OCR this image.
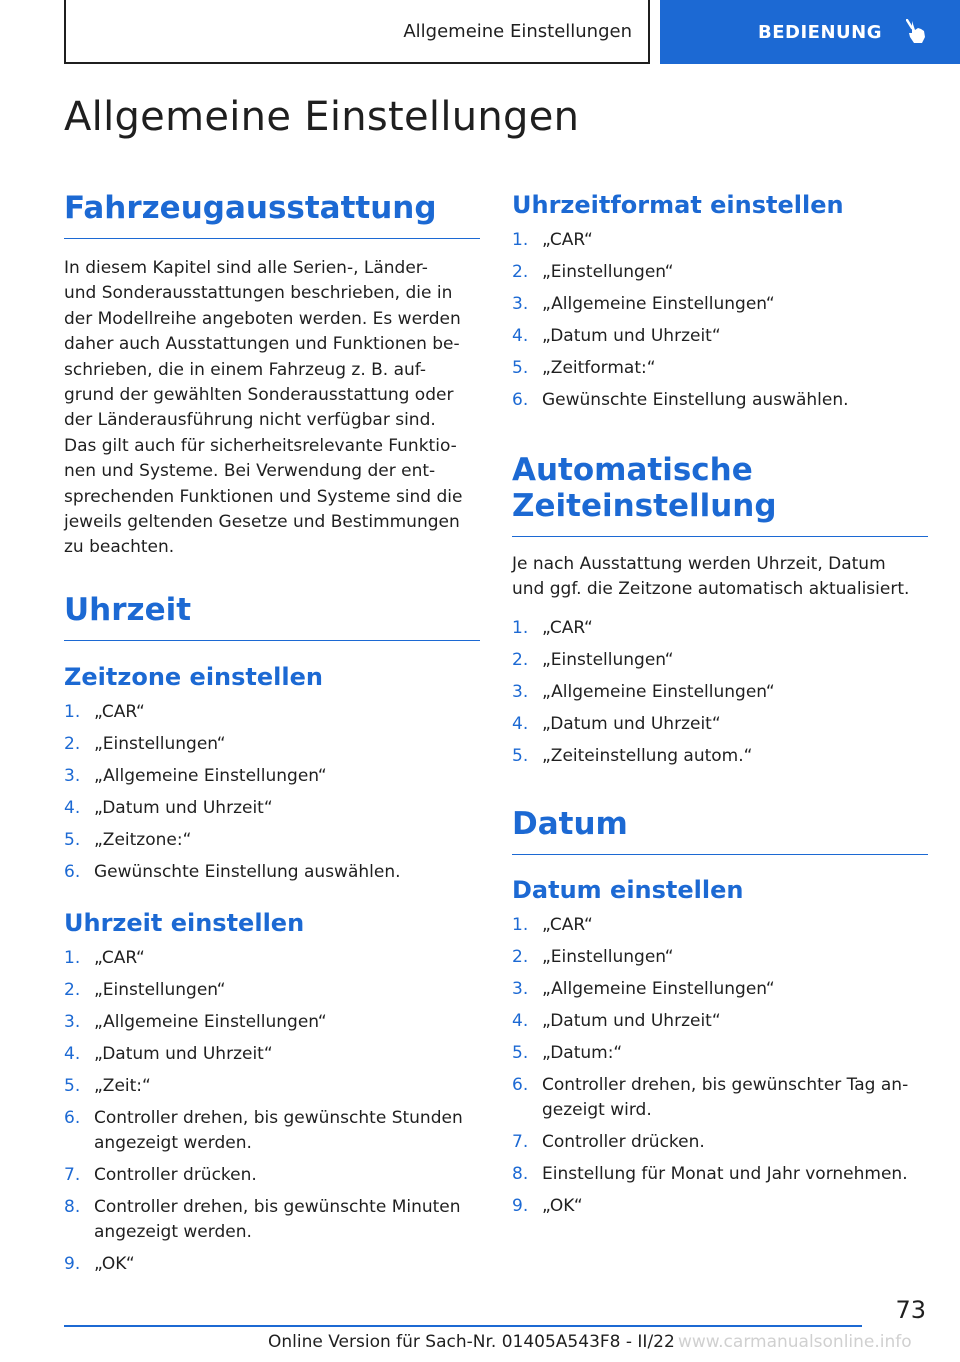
Allgemeine Einstellungen	BEDIENUNG
Allgemeine Einstellungen
Fahrzeugausstattung
In diesem Kapitel sind alle Serien-, Länder-
und Sonderausstattungen beschrieben, die in
der Modellreihe angeboten werden. Es werden
daher auch Ausstattungen und Funktionen be-
schrieben, die in einem Fahrzeug z. B. auf-
grund der gewählten Sonderausstattung oder
der Länderausführung nicht verfügbar sind.
Das gilt auch für sicherheitsrelevante Funktio-
nen und Systeme. Bei Verwendung der ent-
sprechenden Funktionen und Systeme sind die
jeweils geltenden Gesetze und Bestimmungen
zu beachten.
Uhrzeit
Zeitzone einstellen
1. „CAR“
2. „Einstellungen“
3. „Allgemeine Einstellungen“
4. „Datum und Uhrzeit“
5. „Zeitzone:“
6. Gewünschte Einstellung auswählen.
Uhrzeit einstellen
1. „CAR“
2. „Einstellungen“
3. „Allgemeine Einstellungen“
4. „Datum und Uhrzeit“
5. „Zeit:“
6. Controller drehen, bis gewünschte Stunden angezeigt werden.
7. Controller drücken.
8. Controller drehen, bis gewünschte Minuten angezeigt werden.
9. „OK“
Uhrzeitformat einstellen
1. „CAR“
2. „Einstellungen“
3. „Allgemeine Einstellungen“
4. „Datum und Uhrzeit“
5. „Zeitformat:“
6. Gewünschte Einstellung auswählen.
Automatische
Zeiteinstellung
Je nach Ausstattung werden Uhrzeit, Datum
und ggf. die Zeitzone automatisch aktualisiert.
1. „CAR“
2. „Einstellungen“
3. „Allgemeine Einstellungen“
4. „Datum und Uhrzeit“
5. „Zeiteinstellung autom.“
Datum
Datum einstellen
1. „CAR“
2. „Einstellungen“
3. „Allgemeine Einstellungen“
4. „Datum und Uhrzeit“
5. „Datum:“
6. Controller drehen, bis gewünschter Tag angezeigt wird.
7. Controller drücken.
8. Einstellung für Monat und Jahr vornehmen.
9. „OK“
73
Online Version für Sach-Nr. 01405A543F8 - II/22 www.carmanualsonline.info
